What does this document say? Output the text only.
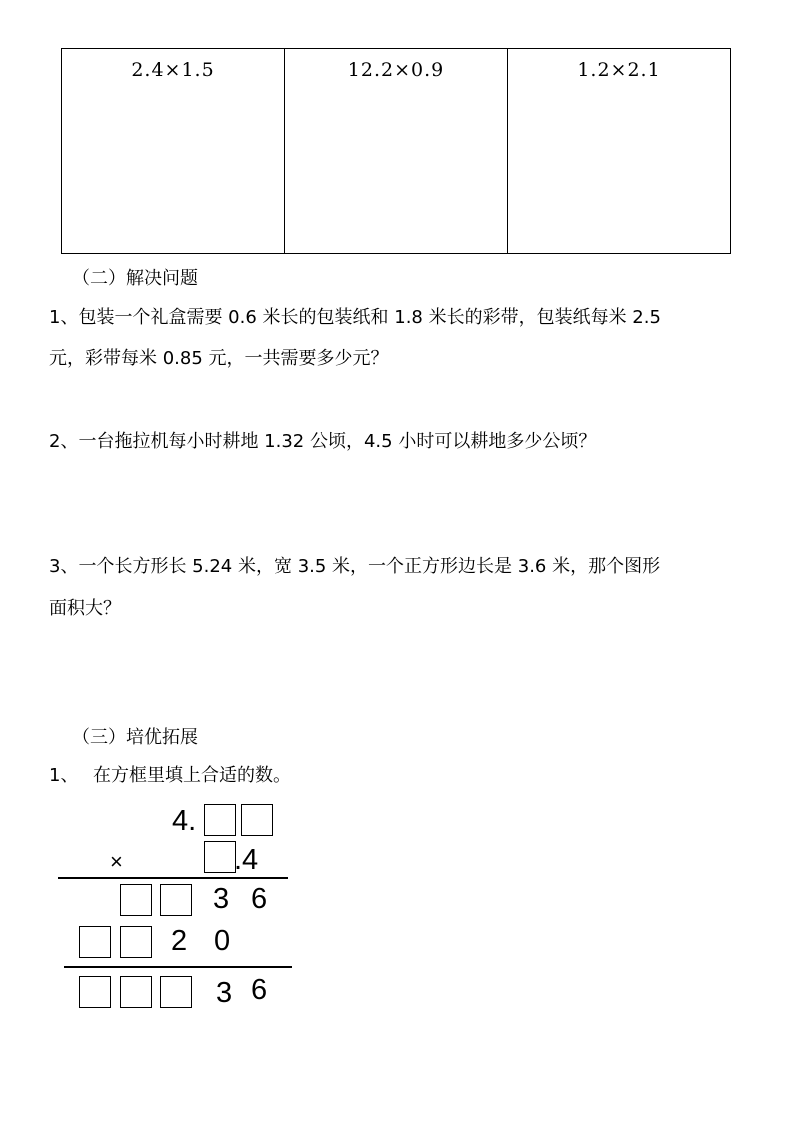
2.4×1.5	12.2×0.9	1.2×2.1
（二）解决问题
1、包装一个礼盒需要 0.6 米长的包装纸和 1.8 米长的彩带，包装纸每米 2.5
元，彩带每米 0.85 元，一共需要多少元？
2、一台拖拉机每小时耕地 1.32 公顷，4.5 小时可以耕地多少公顷？
3、一个长方形长 5.24 米，宽 3.5 米，一个正方形边长是 3.6 米，那个图形
面积大？
（三）培优拓展
1、 在方框里填上合适的数。
4.
×	.4
3 6
2 0
3 6
